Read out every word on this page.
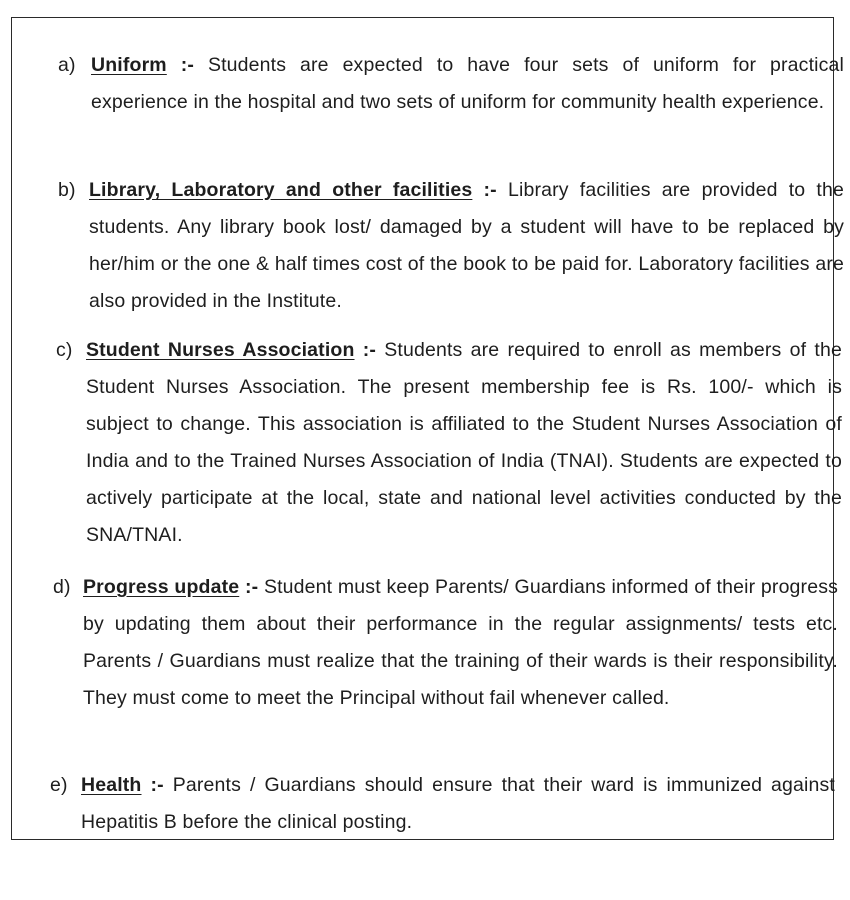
a) Uniform :- Students are expected to have four sets of uniform for practical experience in the hospital and two sets of uniform for community health experience.
b) Library, Laboratory and other facilities :- Library facilities are provided to the students. Any library book lost/ damaged by a student will have to be replaced by her/him or the one & half times cost of the book to be paid for. Laboratory facilities are also provided in the Institute.
c) Student Nurses Association :- Students are required to enroll as members of the Student Nurses Association. The present membership fee is Rs. 100/- which is subject to change. This association is affiliated to the Student Nurses Association of India and to the Trained Nurses Association of India (TNAI). Students are expected to actively participate at the local, state and national level activities conducted by the SNA/TNAI.
d) Progress update :- Student must keep Parents/ Guardians informed of their progress by updating them about their performance in the regular assignments/ tests etc. Parents / Guardians must realize that the training of their wards is their responsibility. They must come to meet the Principal without fail whenever called.
e) Health :- Parents / Guardians should ensure that their ward is immunized against Hepatitis B before the clinical posting.
